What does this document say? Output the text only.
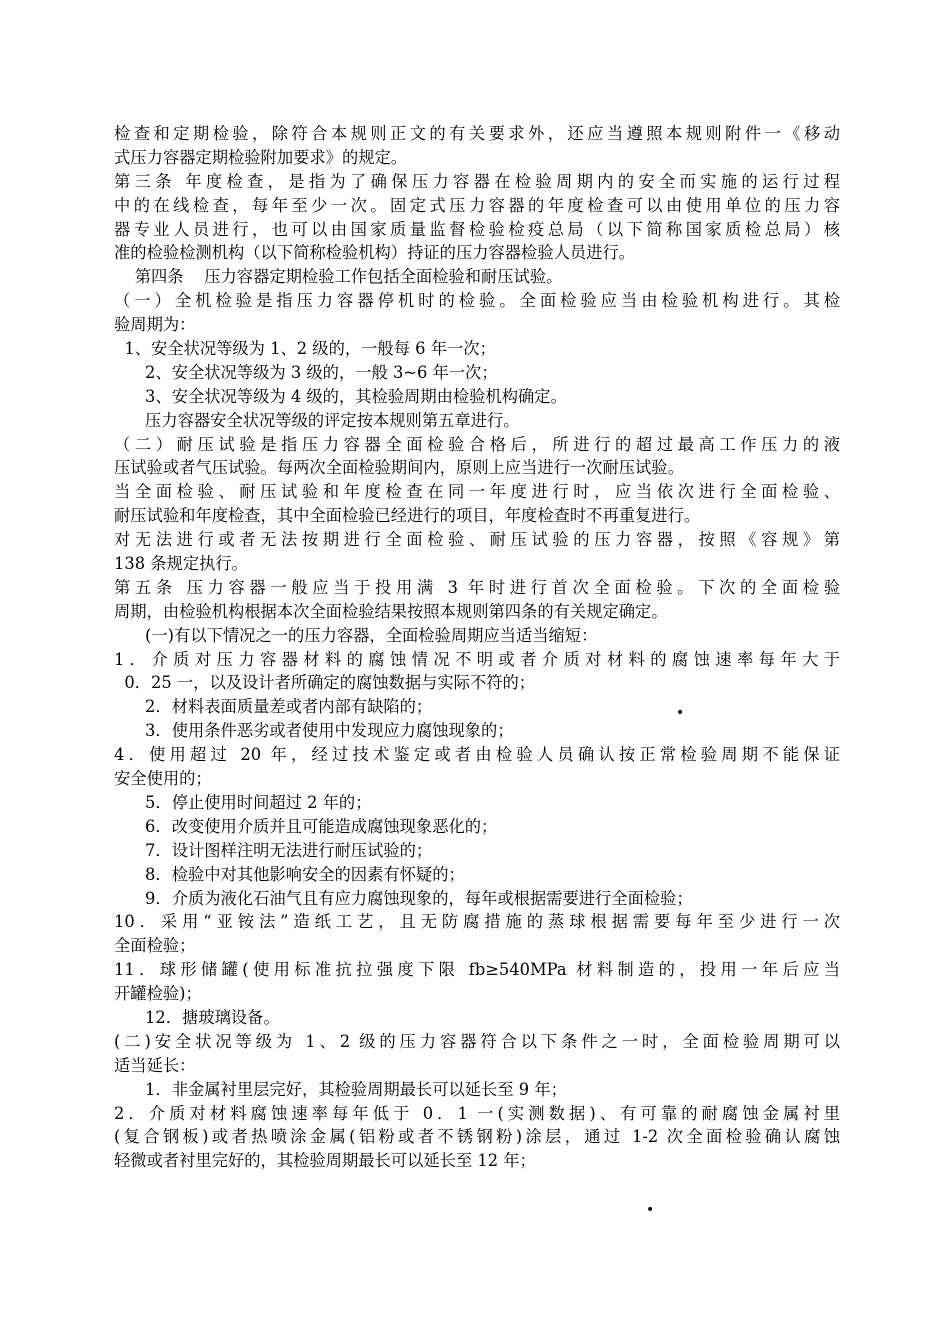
检查和定期检验，除符合本规则正文的有关要求外，还应当遵照本规则附件一《移动
式压力容器定期检验附加要求》的规定。
第三条 年度检查，是指为了确保压力容器在检验周期内的安全而实施的运行过程
中的在线检查，每年至少一次。固定式压力容器的年度检查可以由使用单位的压力容
器专业人员进行，也可以由国家质量监督检验检疫总局（以下简称国家质检总局）核
准的检验检测机构（以下简称检验机构）持证的压力容器检验人员进行。
第四条    压力容器定期检验工作包括全面检验和耐压试验。
（一）全机检验是指压力容器停机时的检验。全面检验应当由检验机构进行。其检
验周期为：
1、安全状况等级为 1、2 级的，一般每 6 年一次；
2、安全状况等级为 3 级的，一般 3~6 年一次；
3、安全状况等级为 4 级的，其检验周期由检验机构确定。
压力容器安全状况等级的评定按本规则第五章进行。
（二）耐压试验是指压力容器全面检验合格后，所进行的超过最高工作压力的液
压试验或者气压试验。每两次全面检验期间内，原则上应当进行一次耐压试验。
当全面检验、耐压试验和年度检查在同一年度进行时，应当依次进行全面检验、
耐压试验和年度检查，其中全面检验已经进行的项目，年度检查时不再重复进行。
对无法进行或者无法按期进行全面检验、耐压试验的压力容器，按照《容规》第
138 条规定执行。
第五条 压力容器一般应当于投用满 3 年时进行首次全面检验。下次的全面检验
周期，由检验机构根据本次全面检验结果按照本规则第四条的有关规定确定。
(一)有以下情况之一的压力容器，全面检验周期应当适当缩短：
1．介质对压力容器材料的腐蚀情况不明或者介质对材料的腐蚀速率每年大于
0．25 一，以及设计者所确定的腐蚀数据与实际不符的；
2．材料表面质量差或者内部有缺陷的；
3．使用条件恶劣或者使用中发现应力腐蚀现象的；
4．使用超过 20 年，经过技术鉴定或者由检验人员确认按正常检验周期不能保证
安全使用的；
5．停止使用时间超过 2 年的；
6．改变使用介质并且可能造成腐蚀现象恶化的；
7．设计图样注明无法进行耐压试验的；
8．检验中对其他影响安全的因素有怀疑的；
9．介质为液化石油气且有应力腐蚀现象的，每年或根据需要进行全面检验；
10．采用“亚铵法”造纸工艺，且无防腐措施的蒸球根据需要每年至少进行一次
全面检验；
11．球形储罐(使用标准抗拉强度下限 fb≥540MPa 材料制造的，投用一年后应当
开罐检验)；
12．搪玻璃设备。
(二)安全状况等级为 1、2 级的压力容器符合以下条件之一时，全面检验周期可以
适当延长：
1．非金属衬里层完好，其检验周期最长可以延长至 9 年；
2．介质对材料腐蚀速率每年低于 0．1 一(实测数据)、有可靠的耐腐蚀金属衬里
(复合钢板)或者热喷涂金属(铝粉或者不锈钢粉)涂层，通过 1-2 次全面检验确认腐蚀
轻微或者衬里完好的，其检验周期最长可以延长至 12 年；
•
•
